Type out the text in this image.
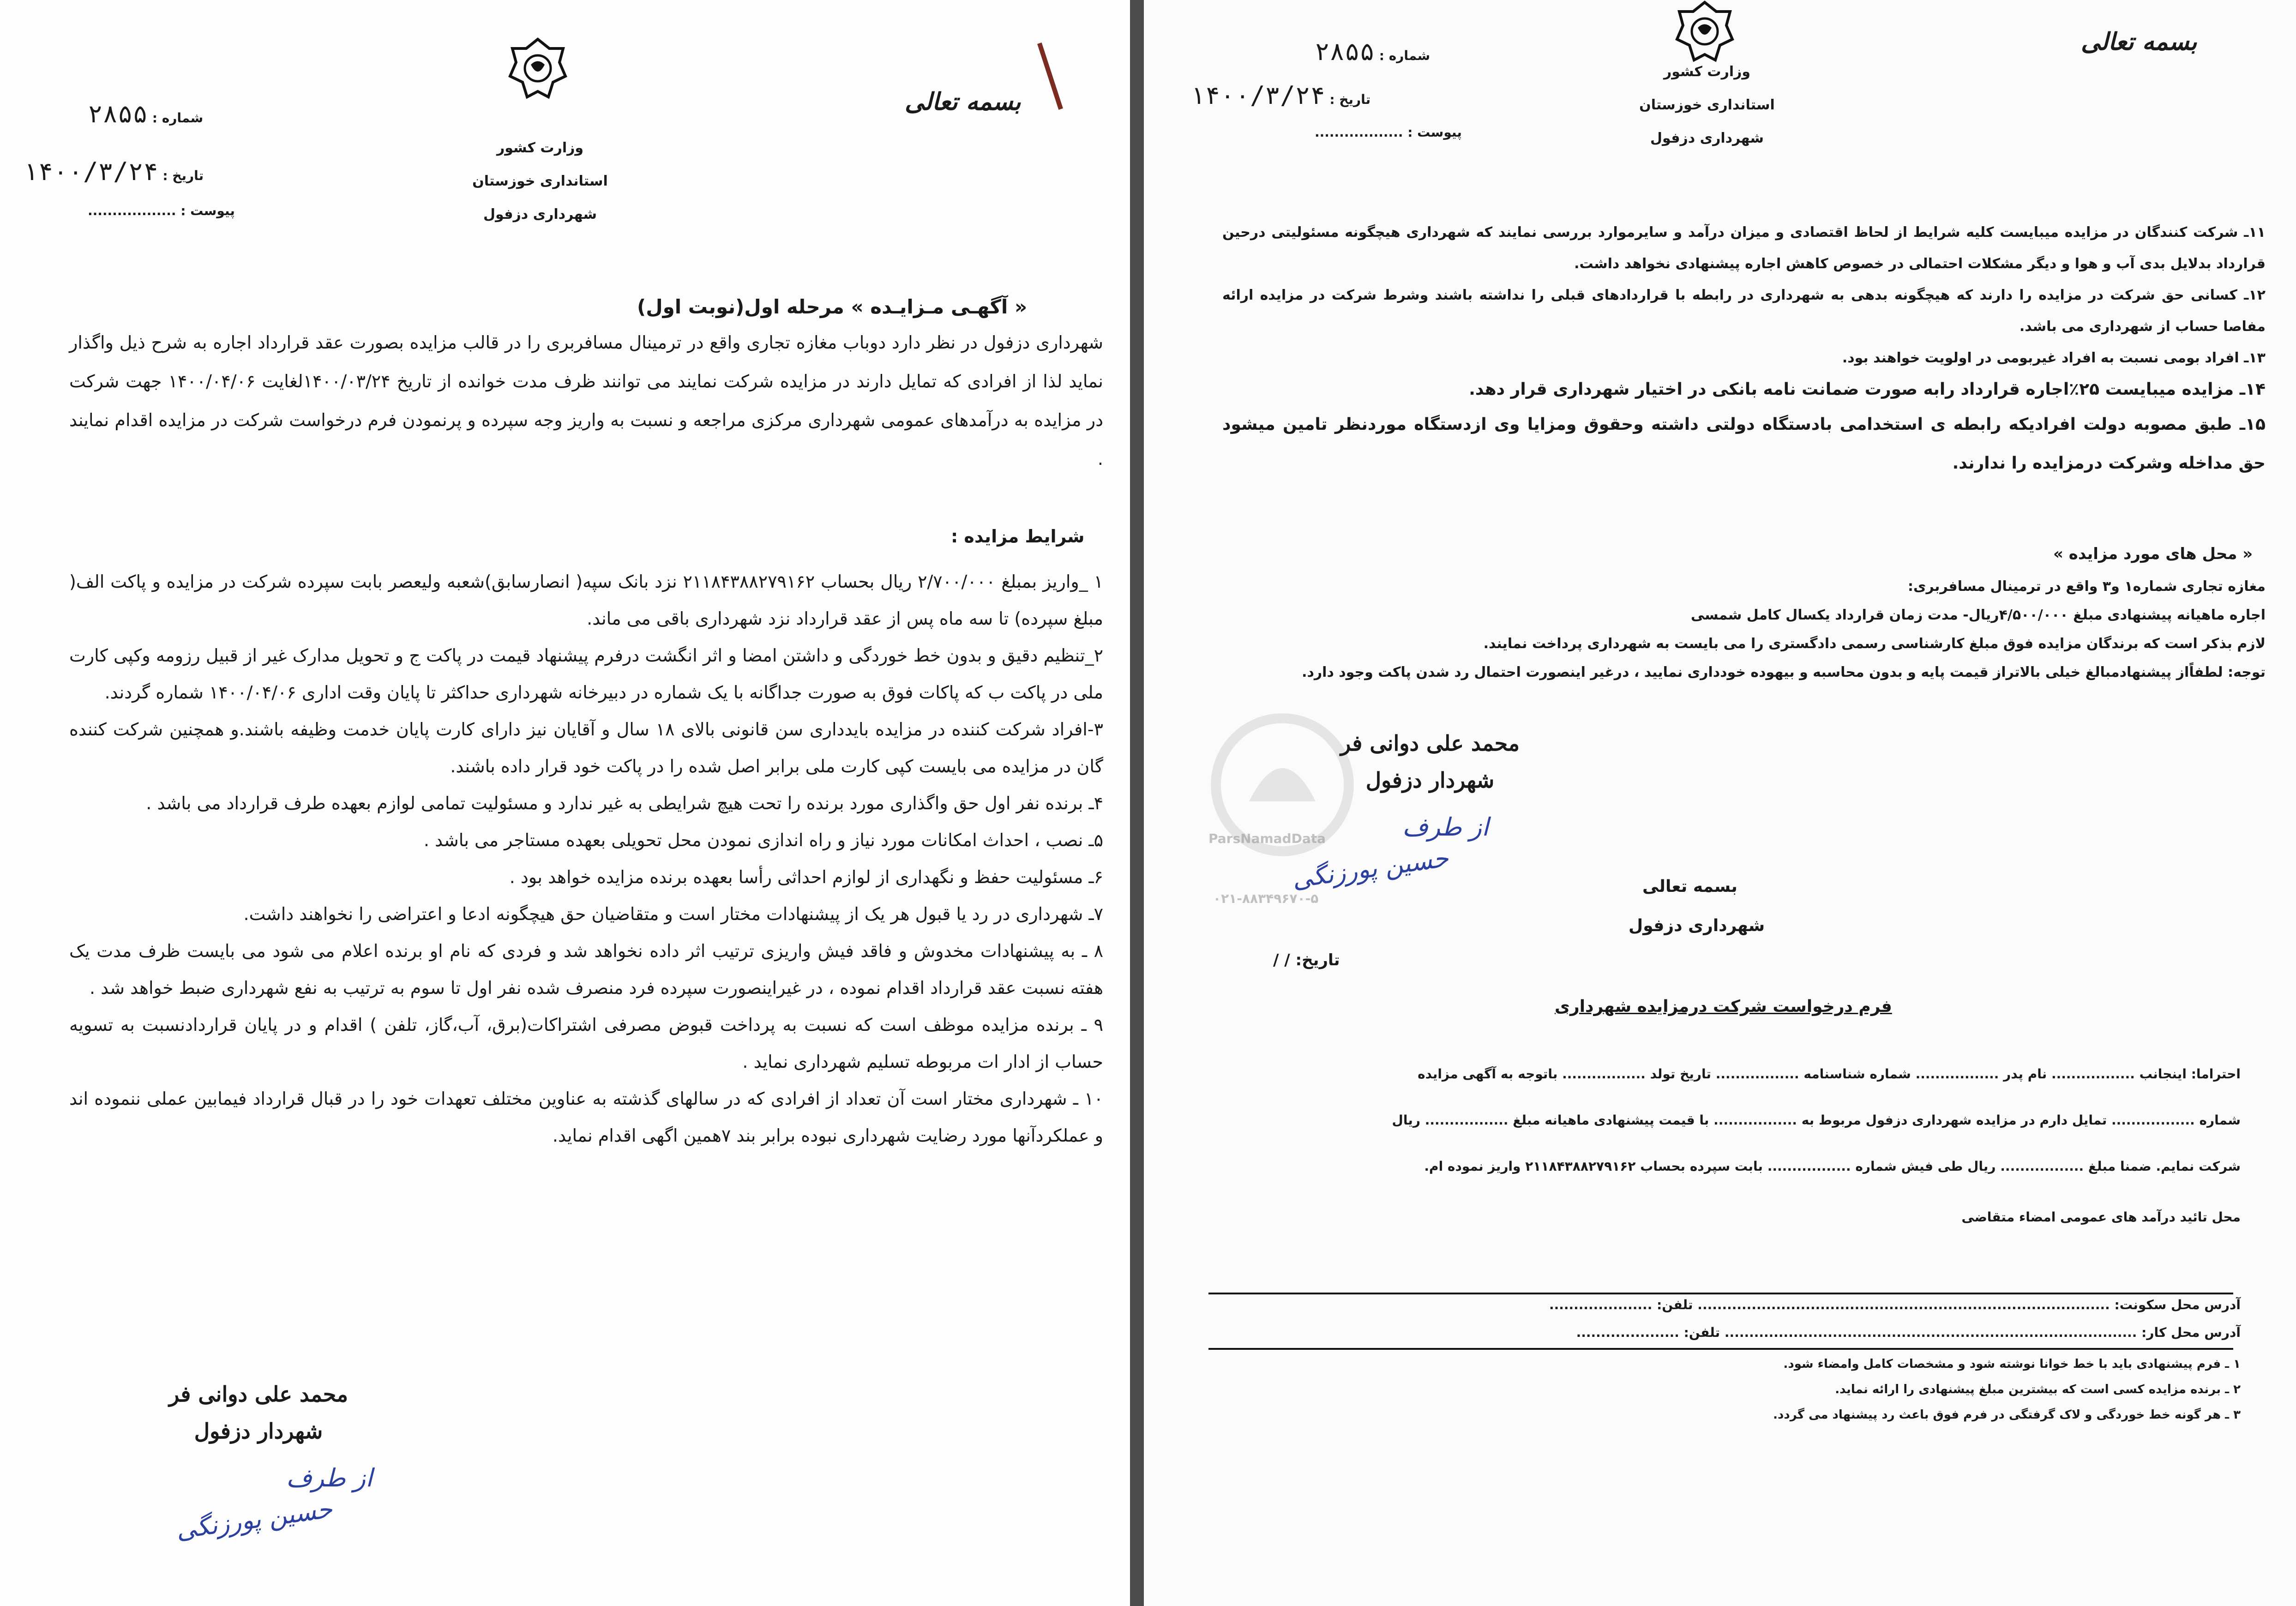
بسمه تعالی
وزارت کشور
استانداری خوزستان
شهرداری دزفول
شماره : ۲۸۵۵
تاریخ : ۱۴۰۰/۳/۲۴
پیوست : ..................
« آگهـی مـزایـده » مرحله اول(نوبت اول)
شهرداری دزفول در نظر دارد دوباب مغازه تجاری واقع در ترمینال مسافربری را در قالب مزایده بصورت عقد قرارداد اجاره به شرح ذیل واگذار نماید لذا از افرادی که تمایل دارند در مزایده شرکت نمایند می توانند ظرف مدت خوانده از تاریخ ۱۴۰۰/۰۳/۲۴لغایت ۱۴۰۰/۰۴/۰۶ جهت شرکت در مزایده به درآمدهای عمومی شهرداری مرکزی مراجعه و نسبت به واریز وجه سپرده و پرنمودن فرم درخواست شرکت در مزایده اقدام نمایند .
شرایط مزایده :
۱ _واریز بمبلغ ۲/۷۰۰/۰۰۰ ریال بحساب ۲۱۱۸۴۳۸۸۲۷۹۱۶۲ نزد بانک سپه( انصارسابق)شعبه ولیعصر بابت سپرده شرکت در مزایده و پاکت الف( مبلغ سپرده) تا سه ماه پس از عقد قرارداد نزد شهرداری باقی می ماند.
۲_تنظیم دقیق و بدون خط خوردگی و داشتن امضا و اثر انگشت درفرم پیشنهاد قیمت در پاکت ج و تحویل مدارک غیر از قبیل رزومه وکپی کارت ملی در پاکت ب که پاکات فوق به صورت جداگانه با یک شماره در دبیرخانه شهرداری حداکثر تا پایان وقت اداری ۱۴۰۰/۰۴/۰۶ شماره گردند.
۳-افراد شرکت کننده در مزایده بایدداری سن قانونی بالای ۱۸ سال و آقایان نیز دارای کارت پایان خدمت وظیفه باشند.و همچنین شرکت کننده گان در مزایده می بایست کپی کارت ملی برابر اصل شده را در پاکت خود قرار داده باشند.
۴ـ برنده نفر اول حق واگذاری مورد برنده را تحت هیچ شرایطی به غیر ندارد و مسئولیت تمامی لوازم بعهده طرف قرارداد می باشد .
۵ـ نصب ، احداث امکانات مورد نیاز و راه اندازی نمودن محل تحویلی بعهده مستاجر می باشد .
۶ـ مسئولیت حفظ و نگهداری از لوازم احداثی رأسا بعهده برنده مزایده خواهد بود .
۷ـ شهرداری در رد یا قبول هر یک از پیشنهادات مختار است و متقاضیان حق هیچگونه ادعا و اعتراضی را نخواهند داشت.
۸ ـ به پیشنهادات مخدوش و فاقد فیش واریزی ترتیب اثر داده نخواهد شد و فردی که نام او برنده اعلام می شود می بایست ظرف مدت یک هفته نسبت عقد قرارداد اقدام نموده ، در غیراینصورت سپرده فرد منصرف شده نفر اول تا سوم به ترتیب به نفع شهرداری ضبط خواهد شد .
۹ ـ برنده مزایده موظف است که نسبت به پرداخت قبوض مصرفی اشتراکات(برق، آب،گاز، تلفن ) اقدام و در پایان قراردادنسبت به تسویه حساب از ادار ات مربوطه تسلیم شهرداری نماید .
۱۰ ـ شهرداری مختار است آن تعداد از افرادی که در سالهای گذشته به عناوین مختلف تعهدات خود را در قبال قرارداد فیمابین عملی ننموده اند و عملکردآنها مورد رضایت شهرداری نبوده برابر بند ۷همین اگهی اقدام نماید.
محمد علی دوانی فر
شهردار دزفول
از طرف
حسین پورزنگی
بسمه تعالی
وزارت کشور
استانداری خوزستان
شهرداری دزفول
شماره : ۲۸۵۵
تاریخ : ۱۴۰۰/۳/۲۴
پیوست : ..................
۱۱ـ شرکت کنندگان در مزایده میبایست کلیه شرایط از لحاظ اقتصادی و میزان درآمد و سایرموارد بررسی نمایند که شهرداری هیچگونه مسئولیتی درحین قرارداد بدلایل بدی آب و هوا و دیگر مشکلات احتمالی در خصوص کاهش اجاره پیشنهادی نخواهد داشت.
۱۲ـ کسانی حق شرکت در مزایده را دارند که هیچگونه بدهی به شهرداری در رابطه با قراردادهای قبلی را نداشته باشند وشرط شرکت در مزایده ارائه مفاصا حساب از شهرداری می باشد.
۱۳ـ افراد بومی نسبت به افراد غیربومی در اولویت خواهند بود.
۱۴ـ مزایده میبایست ۲۵٪اجاره قرارداد رابه صورت ضمانت نامه بانکی در اختیار شهرداری قرار دهد.
۱۵ـ طبق مصوبه دولت افرادیکه رابطه ی استخدامی بادستگاه دولتی داشته وحقوق ومزایا وی ازدستگاه موردنظر تامین میشود حق مداخله وشرکت درمزایده را ندارند.
« محل های مورد مزایده »
مغازه تجاری شماره۱ و۳ واقع در ترمینال مسافربری:
اجاره ماهیانه پیشنهادی مبلغ ۴/۵۰۰/۰۰۰ریال- مدت زمان قرارداد یکسال کامل شمسی
لازم بذکر است که برندگان مزایده فوق مبلغ کارشناسی رسمی دادگستری را می بایست به شهرداری پرداخت نمایند.
توجه: لطفاًاز پیشنهادمبالغ خیلی بالاتراز قیمت پایه و بدون محاسبه و بیهوده خودداری نمایید ، درغیر اینصورت احتمال رد شدن پاکت وجود دارد.
ParsNamadData
۰۲۱-۸۸۳۴۹۶۷۰-۵
محمد علی دوانی فر
شهردار دزفول
از طرف
حسین پورزنگی	بسمه تعالی
شهرداری دزفول
تاریخ: / /
فرم درخواست شرکت درمزایده شهرداری
احتراما: اینجانب ................. نام پدر ................. شماره شناسنامه ................. تاریخ تولد ................. باتوجه به آگهی مزایده
شماره ................. تمایل دارم در مزایده شهرداری دزفول مربوط به ................. با قیمت پیشنهادی ماهیانه مبلغ ................. ریال
شرکت نمایم. ضمنا مبلغ ................. ریال طی فیش شماره ................. بابت سپرده بحساب ۲۱۱۸۴۳۸۸۲۷۹۱۶۲ واریز نموده ام.
محل تائید درآمد های عمومی امضاء متقاضی
آدرس محل سکونت: .................................................................................... تلفن: .....................
آدرس محل کار: .................................................................................... تلفن: .....................
۱ ـ فرم پیشنهادی باید با خط خوانا نوشته شود و مشخصات کامل وامضاء شود.
۲ ـ برنده مزایده کسی است که بیشترین مبلغ پیشنهادی را ارائه نماید.
۳ ـ هر گونه خط خوردگی و لاک گرفتگی در فرم فوق باعث رد پیشنهاد می گردد.
